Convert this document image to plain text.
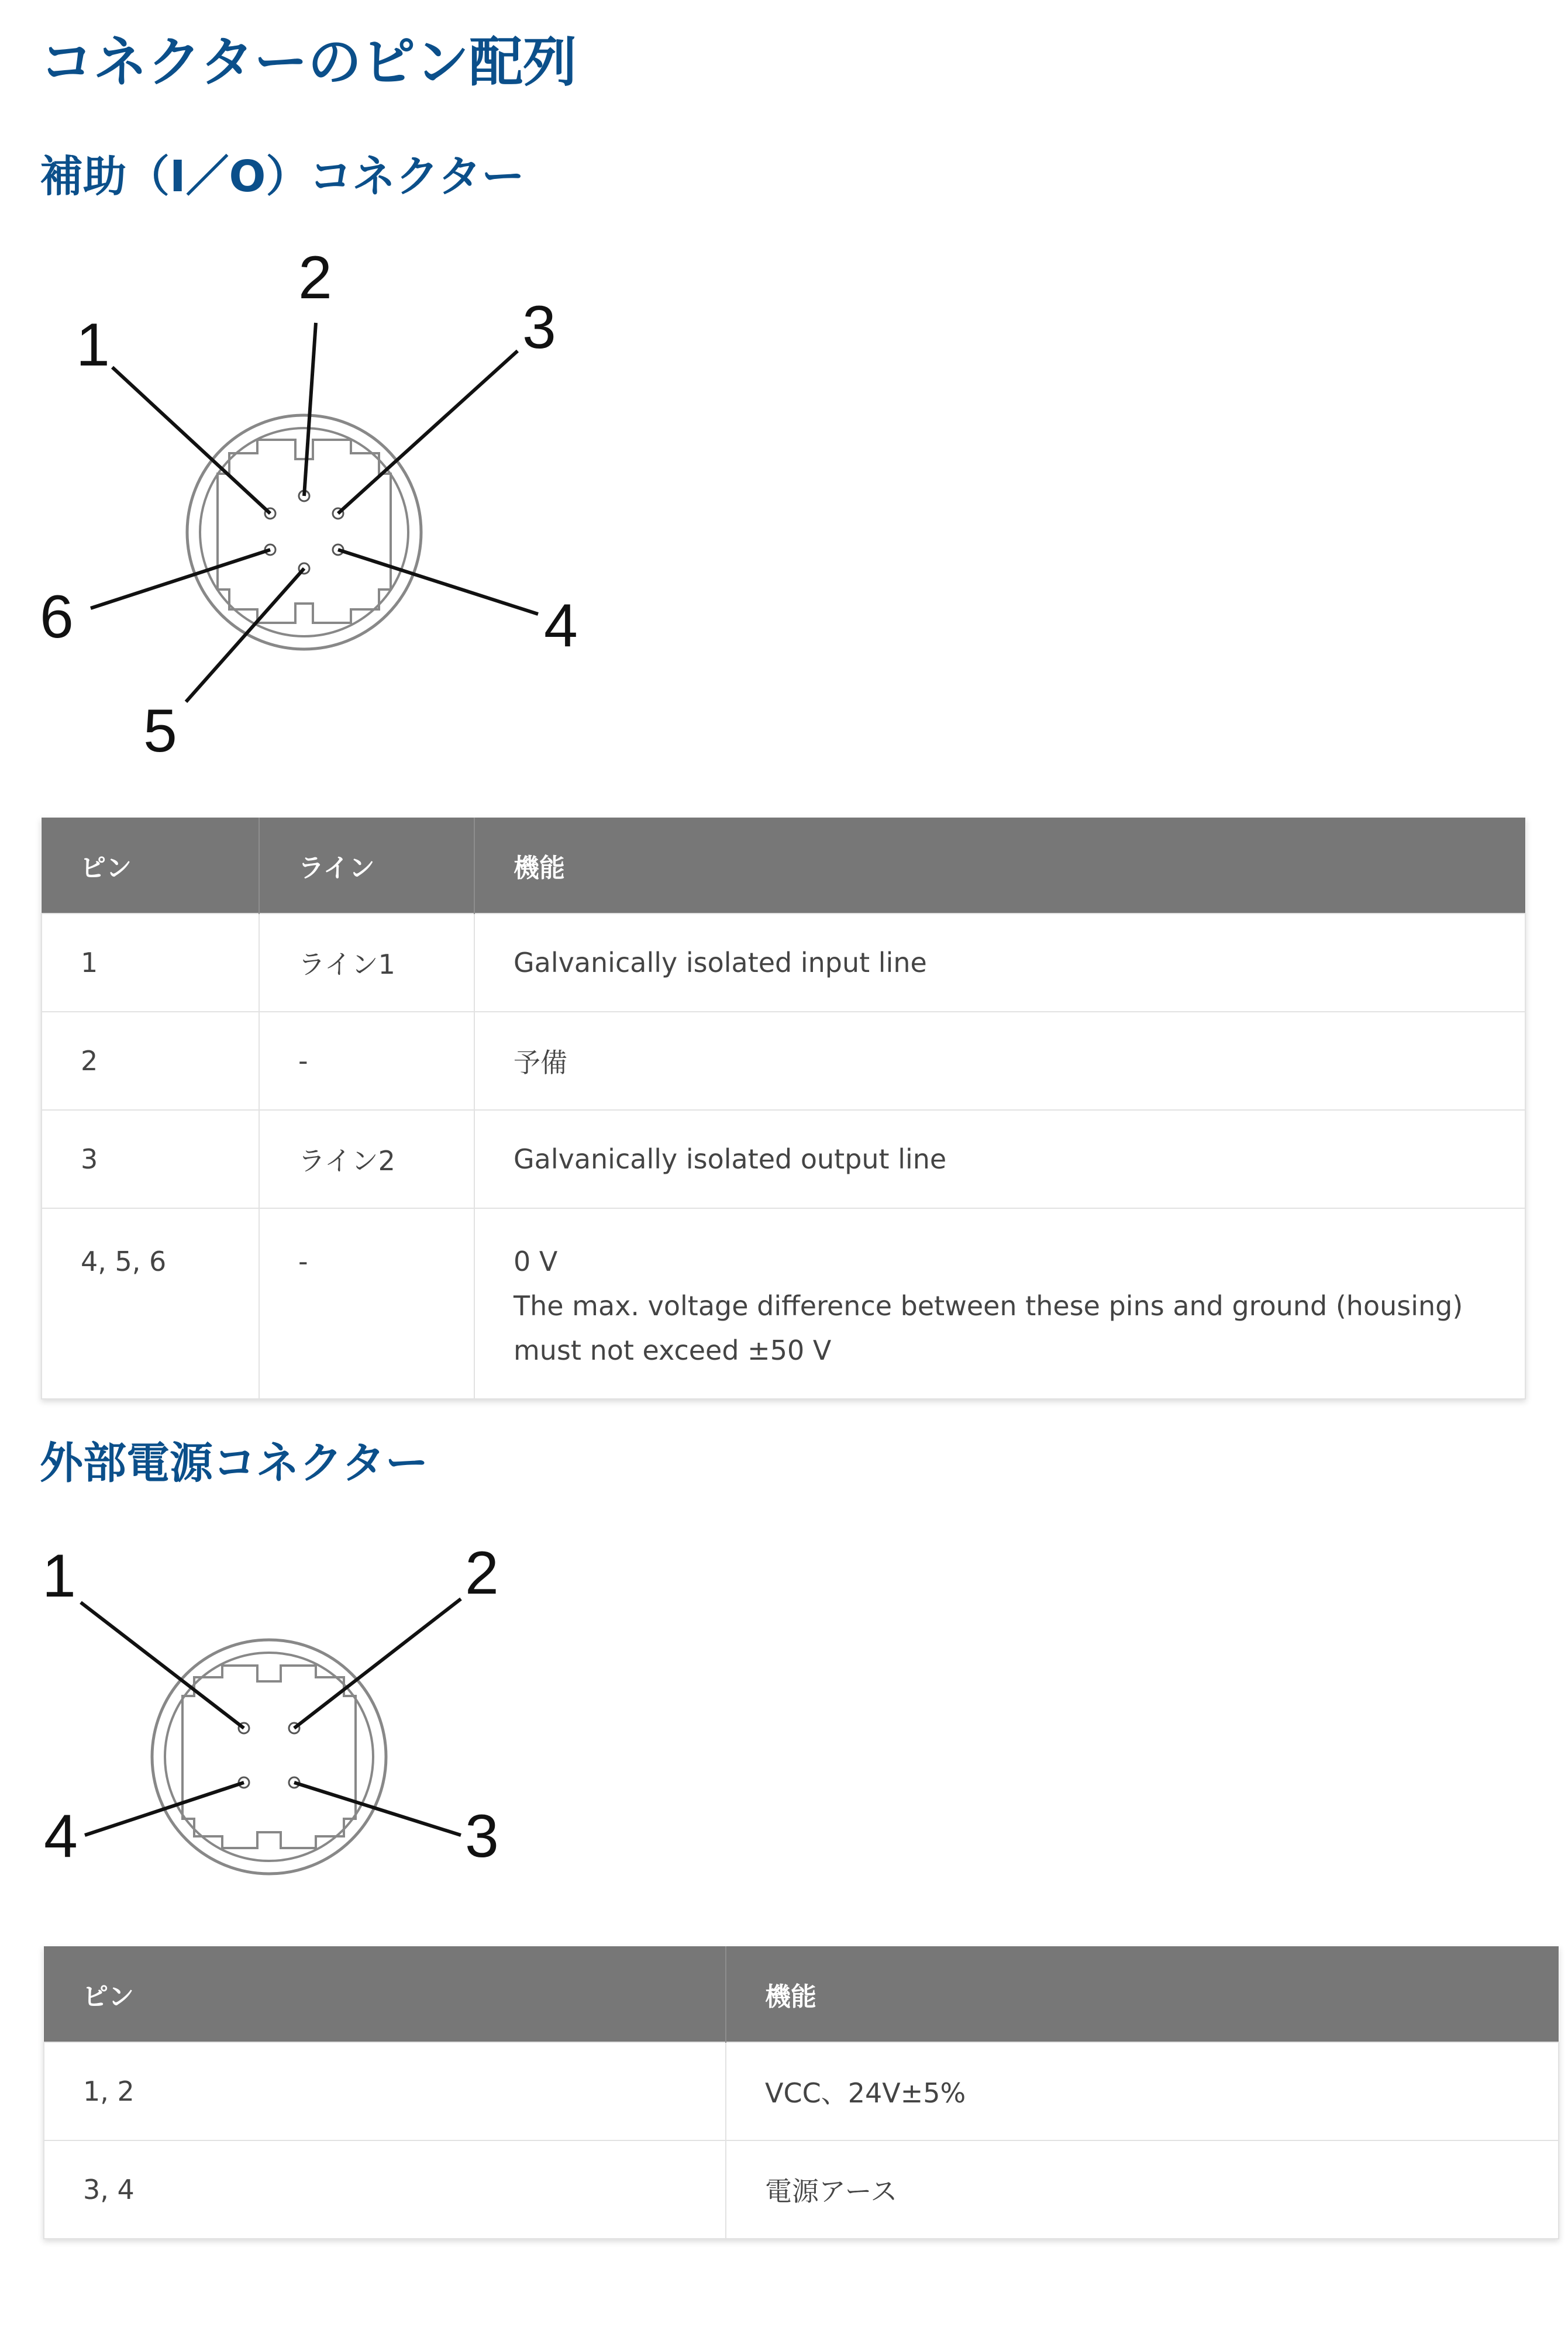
コネクターのピン配列
補助（I／O）コネクター
1
2
3
4
5
6
ピン	ライン	機能
1	ライン1	Galvanically isolated input line
2	-	予備
3	ライン2	Galvanically isolated output line
4, 5, 6	-	0 V
The max. voltage difference between these pins and ground (housing)
must not exceed ±50 V
外部電源コネクター
1	2
3
4
ピン	機能
1, 2	VCC、24V±5%
3, 4	電源アース
